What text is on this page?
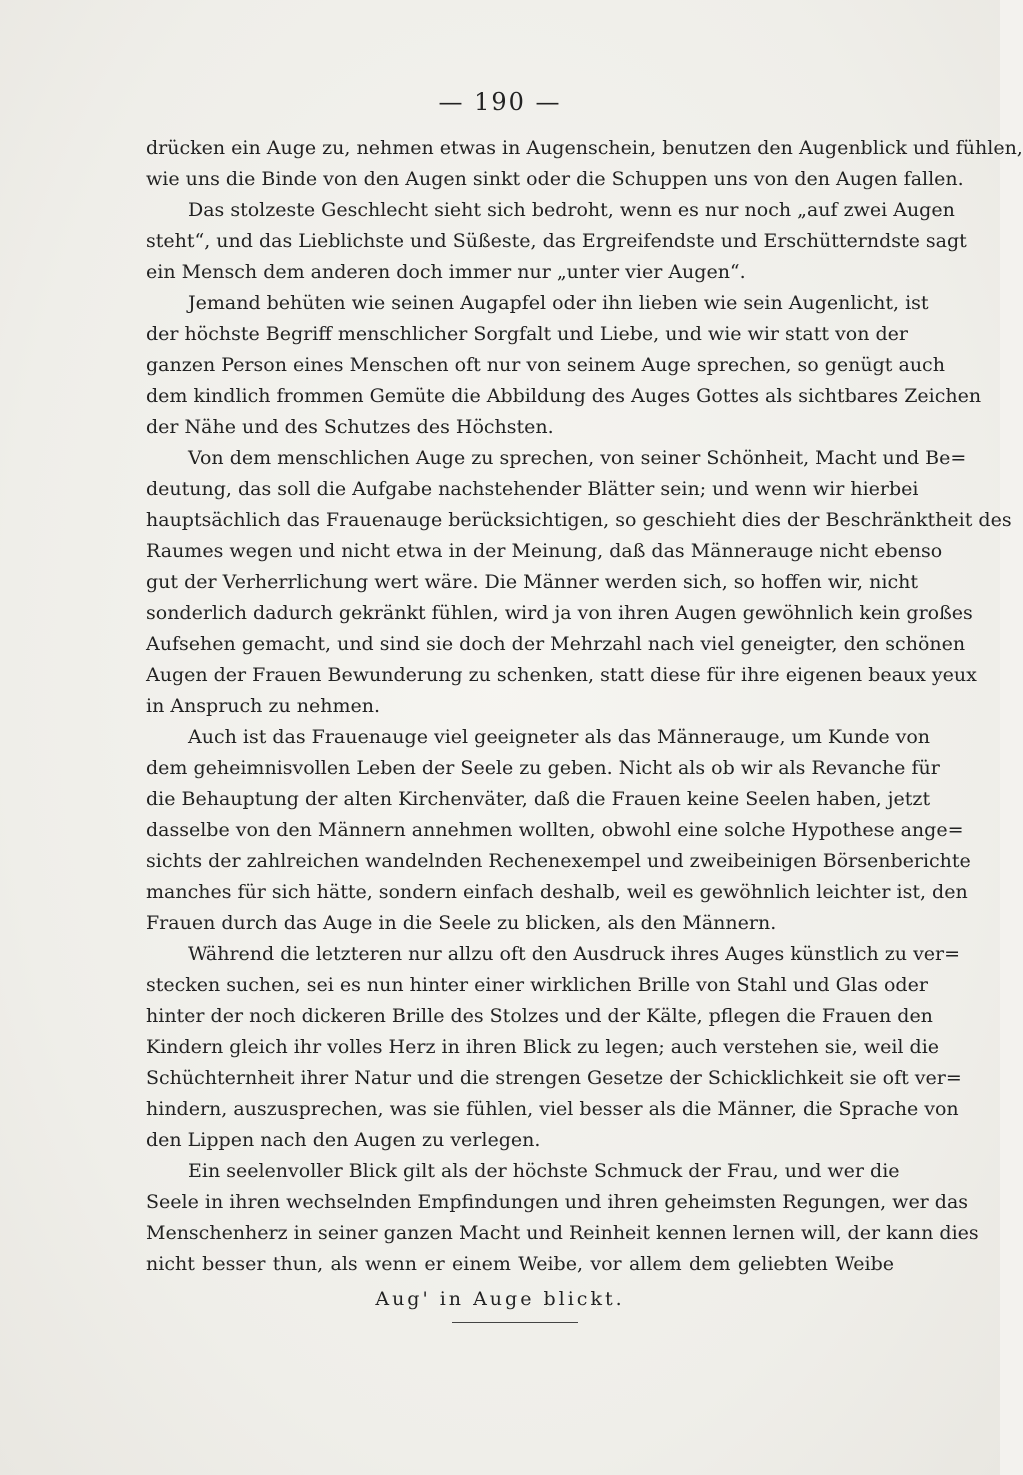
— 190 —
drücken ein Auge zu, nehmen etwas in Augenschein, benutzen den Augenblick und fühlen,
wie uns die Binde von den Augen sinkt oder die Schuppen uns von den Augen fallen.
Das stolzeste Geschlecht sieht sich bedroht, wenn es nur noch „auf zwei Augen
steht“, und das Lieblichste und Süßeste, das Ergreifendste und Erschütterndste sagt
ein Mensch dem anderen doch immer nur „unter vier Augen“.
Jemand behüten wie seinen Augapfel oder ihn lieben wie sein Augenlicht, ist
der höchste Begriff menschlicher Sorgfalt und Liebe, und wie wir statt von der
ganzen Person eines Menschen oft nur von seinem Auge sprechen, so genügt auch
dem kindlich frommen Gemüte die Abbildung des Auges Gottes als sichtbares Zeichen
der Nähe und des Schutzes des Höchsten.
Von dem menschlichen Auge zu sprechen, von seiner Schönheit, Macht und Be=
deutung, das soll die Aufgabe nachstehender Blätter sein; und wenn wir hierbei
hauptsächlich das Frauenauge berücksichtigen, so geschieht dies der Beschränktheit des
Raumes wegen und nicht etwa in der Meinung, daß das Männerauge nicht ebenso
gut der Verherrlichung wert wäre. Die Männer werden sich, so hoffen wir, nicht
sonderlich dadurch gekränkt fühlen, wird ja von ihren Augen gewöhnlich kein großes
Aufsehen gemacht, und sind sie doch der Mehrzahl nach viel geneigter, den schönen
Augen der Frauen Bewunderung zu schenken, statt diese für ihre eigenen beaux yeux
in Anspruch zu nehmen.
Auch ist das Frauenauge viel geeigneter als das Männerauge, um Kunde von
dem geheimnisvollen Leben der Seele zu geben. Nicht als ob wir als Revanche für
die Behauptung der alten Kirchenväter, daß die Frauen keine Seelen haben, jetzt
dasselbe von den Männern annehmen wollten, obwohl eine solche Hypothese ange=
sichts der zahlreichen wandelnden Rechenexempel und zweibeinigen Börsenberichte
manches für sich hätte, sondern einfach deshalb, weil es gewöhnlich leichter ist, den
Frauen durch das Auge in die Seele zu blicken, als den Männern.
Während die letzteren nur allzu oft den Ausdruck ihres Auges künstlich zu ver=
stecken suchen, sei es nun hinter einer wirklichen Brille von Stahl und Glas oder
hinter der noch dickeren Brille des Stolzes und der Kälte, pflegen die Frauen den
Kindern gleich ihr volles Herz in ihren Blick zu legen; auch verstehen sie, weil die
Schüchternheit ihrer Natur und die strengen Gesetze der Schicklichkeit sie oft ver=
hindern, auszusprechen, was sie fühlen, viel besser als die Männer, die Sprache von
den Lippen nach den Augen zu verlegen.
Ein seelenvoller Blick gilt als der höchste Schmuck der Frau, und wer die
Seele in ihren wechselnden Empfindungen und ihren geheimsten Regungen, wer das
Menschenherz in seiner ganzen Macht und Reinheit kennen lernen will, der kann dies
nicht besser thun, als wenn er einem Weibe, vor allem dem geliebten Weibe
Aug' in Auge blickt.
